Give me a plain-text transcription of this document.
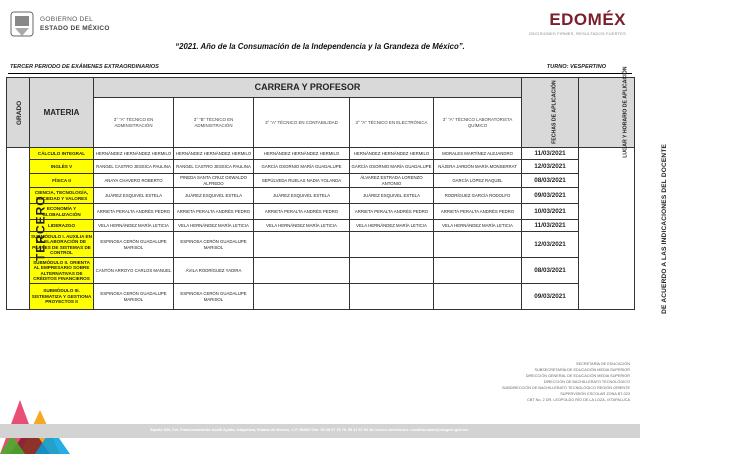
GOBIERNO DEL
ESTADO DE MÉXICO	EDOMÉX
DECISIONES FIRMES, RESULTADOS FUERTES
“2021. Año de la Consumación de la Independencia y la Grandeza de México”.
TERCER PERIODO DE EXÁMENES EXTRAORDINARIOS	TURNO: VESPERTINO
GRADO	MATERIA	CARRERA Y PROFESOR					FECHAS DE APLICACIÓN	LUGAR Y HORARIO DE APLICACIÓN
		3° “A” TÉCNICO EN ADMINISTRACIÓN	3° “B” TÉCNICO EN ADMINISTRACIÓN	3° “A” TÉCNICO EN CONTABILIDAD	3° “A” TÉCNICO EN ELECTRÓNICA	3° “A” TÉCNICO LABORATORISTA QUÍMICO		
TERCERO	CÁLCULO INTEGRAL	HERNÁNDEZ HERNÁNDEZ HERMILO	HERNÁNDEZ HERNÁNDEZ HERMILO	HERNÁNDEZ HERNÁNDEZ HERMILO	HERNÁNDEZ HERNÁNDEZ HERMILO	MORALES MARTÍNEZ ALEJANDRO	11/03/2021	DE ACUERDO A LAS INDICACIONES DEL DOCENTE
	INGLÉS V	RANGEL CASTRO JESSICA PAULINA	RANGEL CASTRO JESSICA PAULINA	GARCÍA OSORNIO MARÍA GUADALUPE	GARCÍA OSORNIO MARÍA GUADALUPE	NÁJERA JARDÓN MARÍA MONSERRAT	12/03/2021	
	FÍSICA II	ANAYA CHAVERO ROBERTO	PINEDA SANTA CRUZ OSWALDO ALFREDO	SEPÚLVEDA RUELAS NADIA YOLANDA	ÁLVAREZ ESTRADA LORENZO ANTONIO	GARCÍA LÓPEZ RAQUEL	08/03/2021	
	CIENCIA, TECNOLOGÍA, SOCIEDAD Y VALORES	JUÁREZ ESQUIVEL ESTELA	JUÁREZ ESQUIVEL ESTELA	JUÁREZ ESQUIVEL ESTELA	JUÁREZ ESQUIVEL ESTELA	RODRÍGUEZ GARCÍA RODOLFO	09/03/2021	
	ECONOMÍA Y GLOBALIZACIÓN	ARRIETA PERALTA ANDRÉS PEDRO	ARRIETA PERALTA ANDRÉS PEDRO	ARRIETA PERALTA ANDRÉS PEDRO	ARRIETA PERALTA ANDRÉS PEDRO	ARRIETA PERALTA ANDRÉS PEDRO	10/03/2021	
	LIDERAZGO	VELA HERNÁNDEZ MARÍA LETICIA	VELA HERNÁNDEZ MARÍA LETICIA	VELA HERNÁNDEZ MARÍA LETICIA	VELA HERNÁNDEZ MARÍA LETICIA	VELA HERNÁNDEZ MARÍA LETICIA	11/03/2021	
	SUBMÓDULO I. AUXILIA EN LA ELABORACIÓN DE PLANES DE SISTEMAS DE CONTROL	ESPINOSA CERÓN GUADALUPE MARISOL	ESPINOSA CERÓN GUADALUPE MARISOL				12/03/2021	
	SUBMÓDULO II. ORIENTA AL EMPRESARIO SOBRE ALTERNATIVAS DE CRÉDITOS FINANCIEROS	CANTÓN ARROYO CARLOS MANUEL	ÁVILA RODRÍGUEZ YADIRA				08/03/2021	
	SUBMÓDULO III. SISTEMATIZA Y GESTIONA PROYECTOS II	ESPINOSA CERÓN GUADALUPE MARISOL	ESPINOSA CERÓN GUADALUPE MARISOL				09/03/2021	
SECRETARÍA DE EDUCACIÓN
SUBSECRETARÍA DE EDUCACIÓN MEDIA SUPERIOR
DIRECCIÓN GENERAL DE EDUCACIÓN MEDIA SUPERIOR
DIRECCIÓN DE BACHILLERATO TECNOLÓGICO
SUBDIRECCIÓN DE BACHILLERATO TECNOLÓGICO REGIÓN ORIENTE
SUPERVISIÓN ESCOLAR ZONA BT-023
CBT No. 2 DR. LEOPOLDO RÍO DE LA LOZA, IXTAPALUCA
Zapote S/N, Col. Fraccionamiento Izcalli Ayotla, Ixtapaluca, Estado de México, C.P. 56560 Tels: 55 48 97 79 79, 55 41 97 82 28 Correo electrónico: rosalina.salas@edugem.gob.mx
